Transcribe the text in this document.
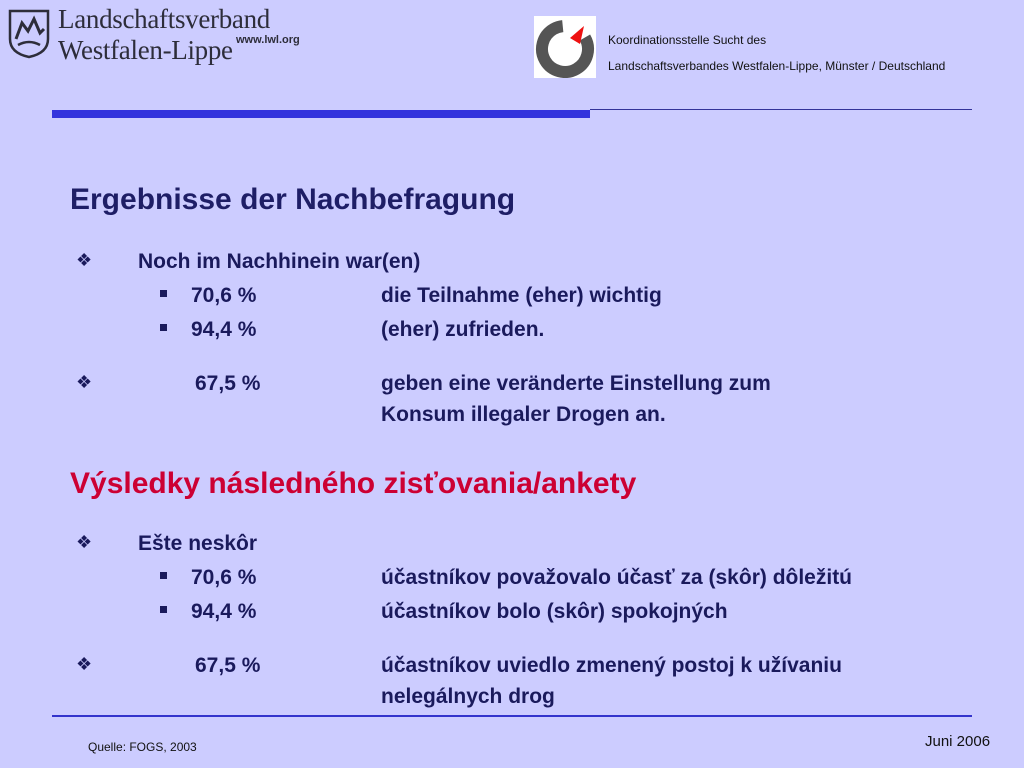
Landschaftsverband
Westfalen-Lippe www.lwl.org	Koordinationsstelle Sucht des
Landschaftsverbandes Westfalen-Lippe, Münster / Deutschland
Ergebnisse der Nachbefragung
❖ Noch im Nachhinein war(en)
70,6 %	die Teilnahme (eher) wichtig
94,4 %	(eher) zufrieden.
❖	67,5 %	geben eine veränderte Einstellung zum
Konsum illegaler Drogen an.
Výsledky následného zisťovania/ankety
❖ Ešte neskôr
70,6 %	účastníkov považovalo účasť za (skôr) dôležitú
94,4 %	účastníkov bolo (skôr) spokojných
❖	67,5 %	účastníkov uviedlo zmenený postoj k užívaniu
nelegálnych drog
Quelle: FOGS, 2003	Juni 2006
